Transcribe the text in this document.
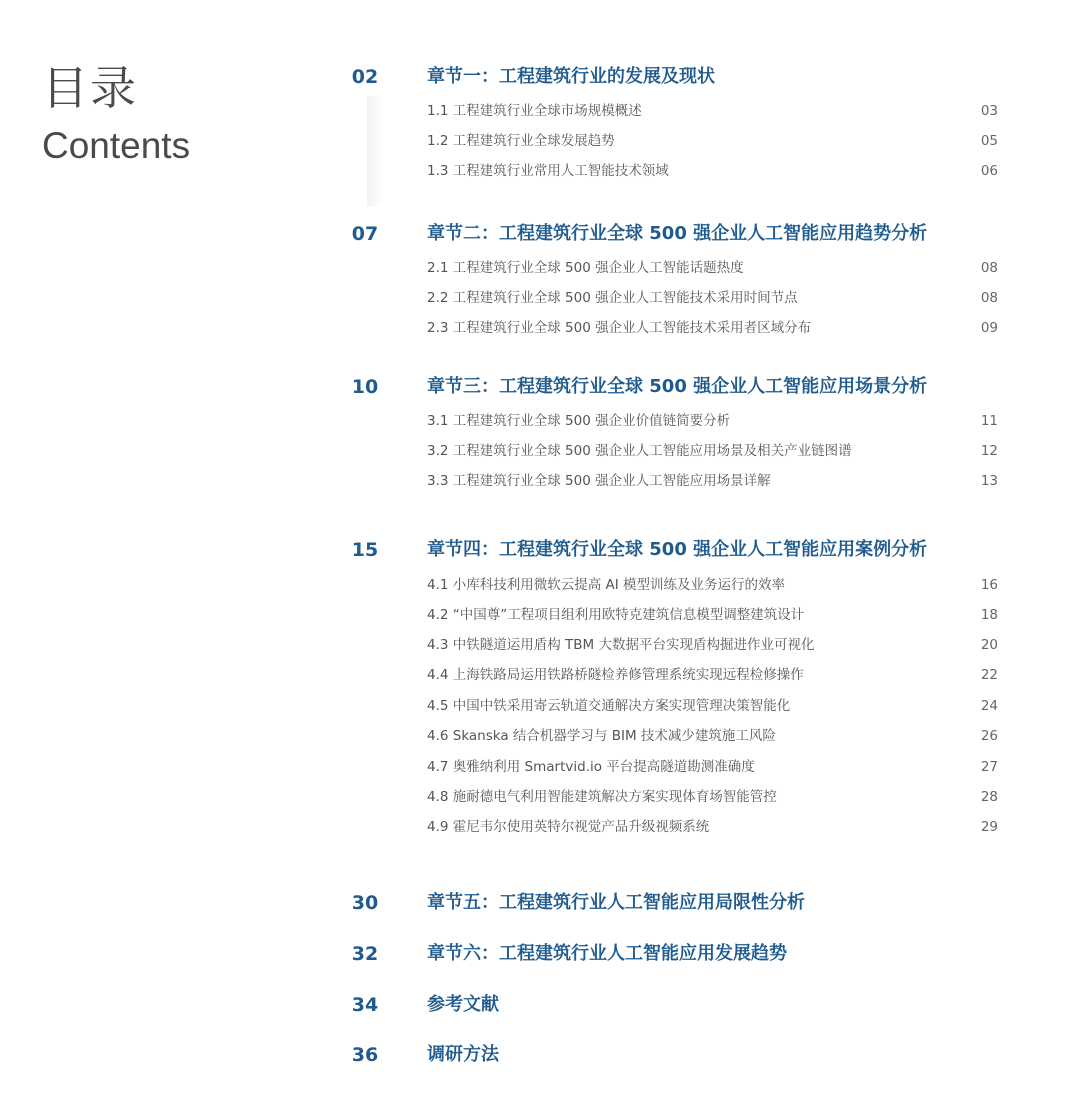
目录
Contents
02	章节一：工程建筑行业的发展及现状
1.1 工程建筑行业全球市场规模概述	03
1.2 工程建筑行业全球发展趋势	05
1.3 工程建筑行业常用人工智能技术领域	06
07	章节二：工程建筑行业全球 500 强企业人工智能应用趋势分析
2.1 工程建筑行业全球 500 强企业人工智能话题热度	08
2.2 工程建筑行业全球 500 强企业人工智能技术采用时间节点	08
2.3 工程建筑行业全球 500 强企业人工智能技术采用者区域分布	09
10	章节三：工程建筑行业全球 500 强企业人工智能应用场景分析
3.1 工程建筑行业全球 500 强企业价值链简要分析	11
3.2 工程建筑行业全球 500 强企业人工智能应用场景及相关产业链图谱	12
3.3 工程建筑行业全球 500 强企业人工智能应用场景详解	13
15	章节四：工程建筑行业全球 500 强企业人工智能应用案例分析
4.1 小库科技利用微软云提高 AI 模型训练及业务运行的效率	16
4.2 “中国尊”工程项目组利用欧特克建筑信息模型调整建筑设计	18
4.3 中铁隧道运用盾构 TBM 大数据平台实现盾构掘进作业可视化	20
4.4 上海铁路局运用铁路桥隧检养修管理系统实现远程检修操作	22
4.5 中国中铁采用寄云轨道交通解决方案实现管理决策智能化	24
4.6 Skanska 结合机器学习与 BIM 技术减少建筑施工风险	26
4.7 奥雅纳利用 Smartvid.io 平台提高隧道勘测准确度	27
4.8 施耐德电气利用智能建筑解决方案实现体育场智能管控	28
4.9 霍尼韦尔使用英特尔视觉产品升级视频系统	29
30	章节五：工程建筑行业人工智能应用局限性分析
32	章节六：工程建筑行业人工智能应用发展趋势
34	参考文献
36	调研方法
